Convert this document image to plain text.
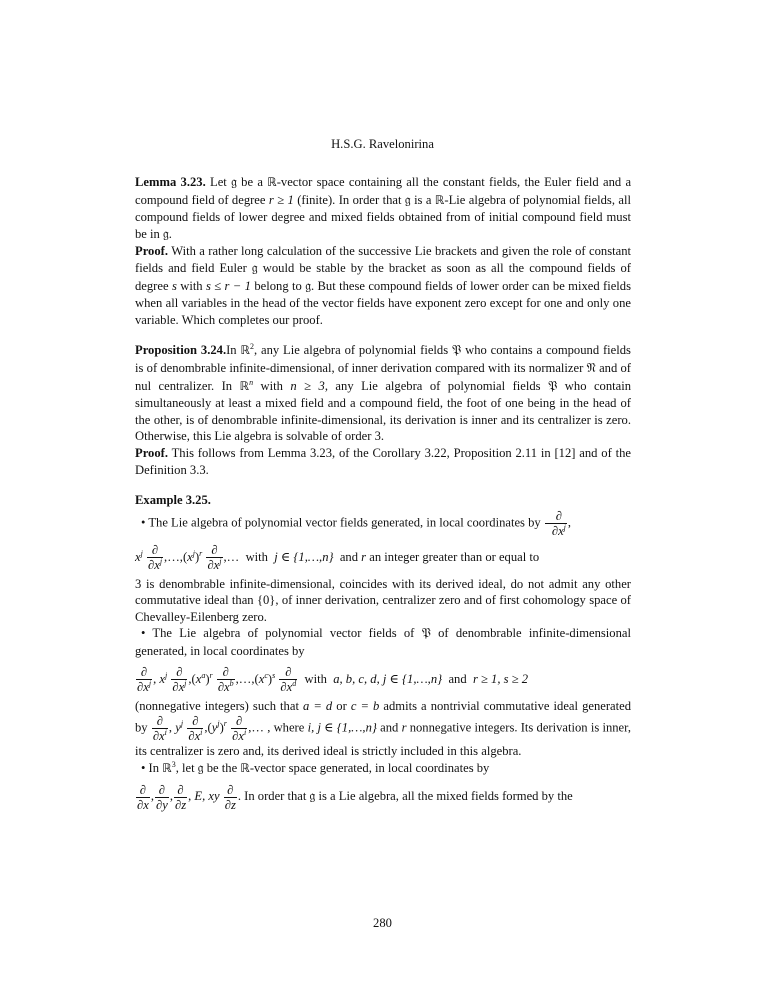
H.S.G. Ravelonirina

Lemma 3.23. Let 𝔤 be a ℝ-vector space containing all the constant fields, the Euler field and a compound field of degree r ≥ 1 (finite). In order that 𝔤 is a ℝ-Lie algebra of polynomial fields, all compound fields of lower degree and mixed fields obtained from of initial compound field must be in 𝔤.

Proof. With a rather long calculation of the successive Lie brackets and given the role of constant fields and field Euler 𝔤 would be stable by the bracket as soon as all the compound fields of degree s with s ≤ r − 1 belong to 𝔤. But these compound fields of lower order can be mixed fields when all variables in the head of the vector fields have exponent zero except for one and only one variable. Which completes our proof.

Proposition 3.24.In ℝ$^2$, any Lie algebra of polynomial fields 𝔓 who contains a compound fields is of denombrable infinite-dimensional, of inner derivation compared with its normalizer 𝔑 and of nul centralizer. In ℝ$^n$ with n ≥ 3, any Lie algebra of polynomial fields 𝔓 who contain simultaneously at least a mixed field and a compound field, the foot of one being in the head of the other, is of denombrable infinite-dimensional, its derivation is inner and its centralizer is zero. Otherwise, this Lie algebra is solvable of order 3.

Proof. This follows from Lemma 3.23, of the Corollary 3.22, Proposition 2.11 in [12] and of the Definition 3.3.

Example 3.25.

• The Lie algebra of polynomial vector fields generated, in local coordinates by $\frac{\partial}{\partial x^j}$ ,

$x^j \frac{\partial}{\partial x^j}$ $,\dots,(x^j)^r \frac{\partial}{\partial x^j}$ ,… with j ∈ {1,…,n} and r an integer greater than or equal to

3 is denombrable infinite-dimensional, coincides with its derived ideal, do not admit any other commutative ideal than {0}, of inner derivation, centralizer zero and of first cohomology space of Chevalley-Eilenberg zero.

• The Lie algebra of polynomial vector fields of 𝔓 of denombrable infinite-dimensional generated, in local coordinates by

$\frac{\partial}{\partial x^j}$ , $x^j \frac{\partial}{\partial x^j} ,(x^a)^r \frac{\partial}{\partial x^b}$ $,\dots,(x^c)^s \frac{\partial}{\partial x^d}$ with a, b, c, d, j ∈ {1,…,n} and r ≥ 1, s ≥ 2

(nonnegative integers) such that a = d or c = b admits a nontrivial commutative ideal generated by $\frac{\partial}{\partial x^i}$ , $y^j \frac{\partial}{\partial x^i} ,(y^j)^r \frac{\partial}{\partial x^i}$ ,… , where i, j ∈ {1,…,n} and r nonnegative integers. Its derivation is inner, its centralizer is zero and, its derived ideal is strictly included in this algebra.

• In ℝ$^3$, let 𝔤 be the ℝ-vector space generated, in local coordinates by

$\frac{\partial}{\partial x}$ , $\frac{\partial}{\partial y}$ , $\frac{\partial}{\partial z}$ , E, xy $\frac{\partial}{\partial z}$ . In order that 𝔤 is a Lie algebra, all the mixed fields formed by the

280
